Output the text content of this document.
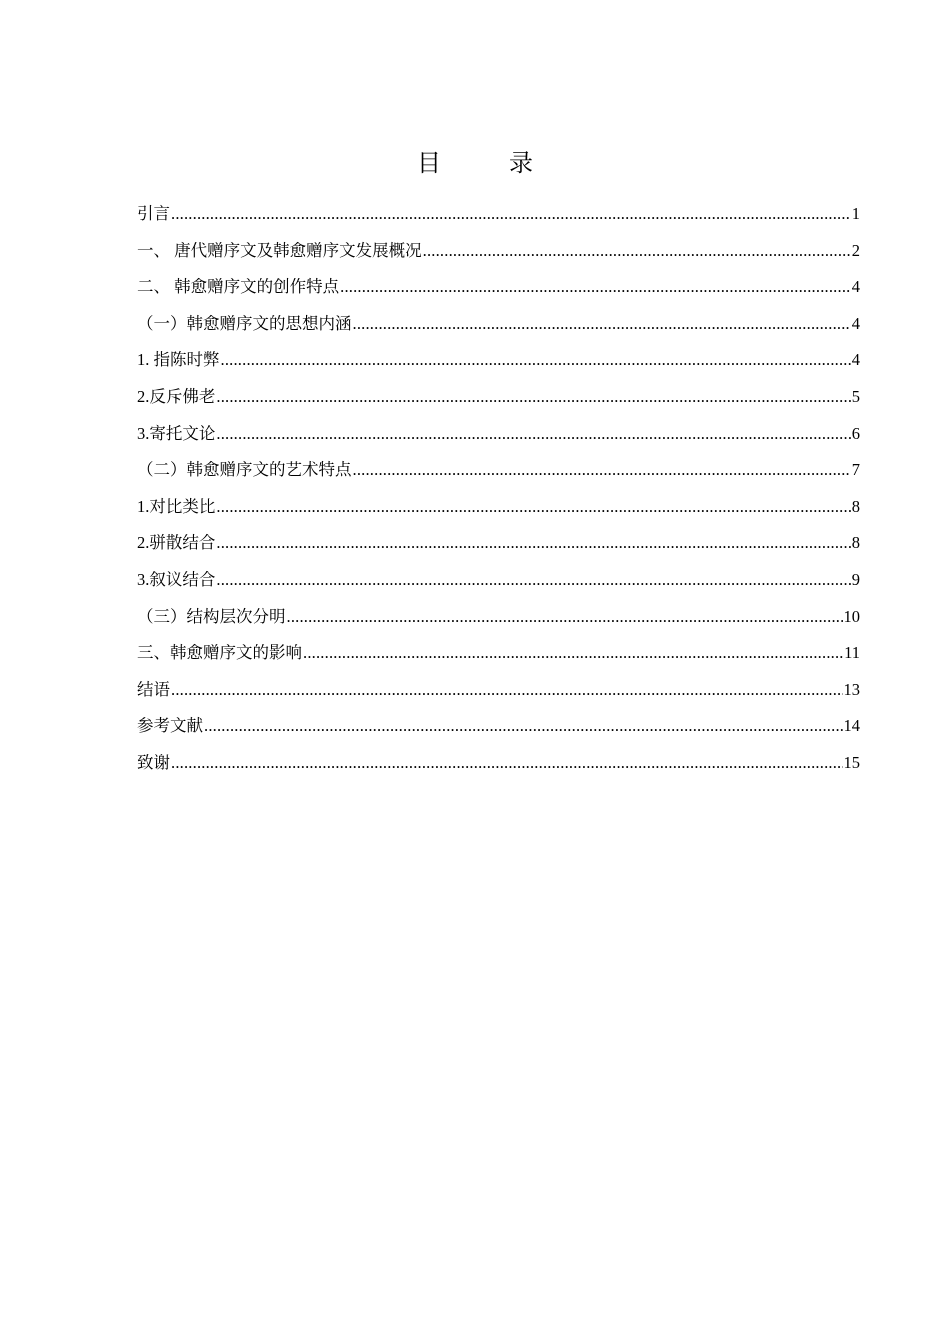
目　录
引言 .....	1
一、 唐代赠序文及韩愈赠序文发展概况 .....	2
二、 韩愈赠序文的创作特点 .....	4
（一）韩愈赠序文的思想内涵 .....	4
1. 指陈时弊 .....	4
2.反斥佛老 .....	5
3.寄托文论 .....	6
（二）韩愈赠序文的艺术特点 .....	7
1.对比类比 .....	8
2.骈散结合 .....	8
3.叙议结合 .....	9
（三）结构层次分明 .....	10
三、韩愈赠序文的影响 .....	11
结语 .....	13
参考文献 .....	14
致谢 .....	15
